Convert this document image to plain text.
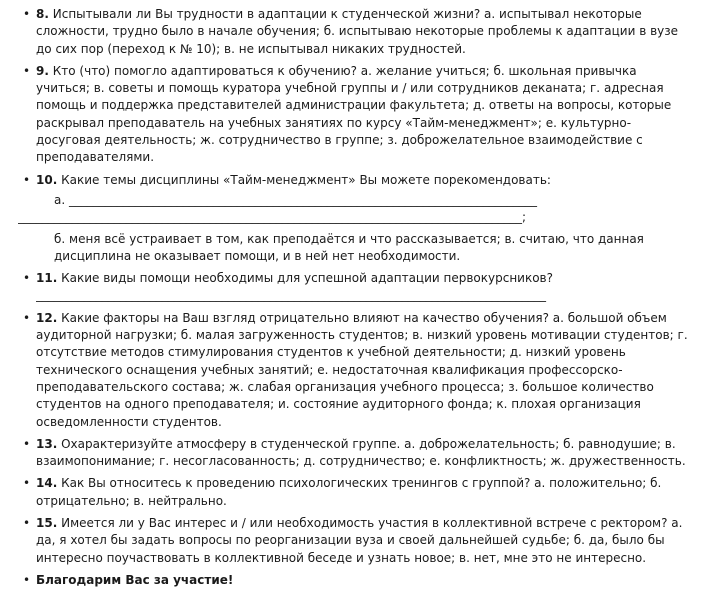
• 8. Испытывали ли Вы трудности в адаптации к студенческой жизни? а. испытывал некоторые сложности, трудно было в начале обучения; б. испытываю некоторые проблемы к адаптации в вузе до сих пор (переход к № 10); в. не испытывал никаких трудностей.
• 9. Кто (что) помогло адаптироваться к обучению? а. желание учиться; б. школьная привычка учиться; в. советы и помощь куратора учебной группы и / или сотрудников деканата; г. адресная помощь и поддержка представителей администрации факультета; д. ответы на вопросы, которые раскрывал преподаватель на учебных занятиях по курсу «Тайм-менеджмент»; е. культурно-досуговая деятельность; ж. сотрудничество в группе; з. доброжелательное взаимодействие с преподавателями.
• 10. Какие темы дисциплины «Тайм-менеджмент» Вы можете порекомендовать:
а. ______________________________________________________________________________
____________________________________________________________________________________;
б. меня всё устраивает в том, как преподаётся и что рассказывается; в. считаю, что данная дисциплина не оказывает помощи, и в ней нет необходимости.
• 11. Какие виды помощи необходимы для успешной адаптации первокурсников?
_____________________________________________________________________________________
• 12. Какие факторы на Ваш взгляд отрицательно влияют на качество обучения? а. большой объем аудиторной нагрузки; б. малая загруженность студентов; в. низкий уровень мотивации студентов; г. отсутствие методов стимулирования студентов к учебной деятельности; д. низкий уровень технического оснащения учебных занятий; е. недостаточная квалификация профессорско-преподавательского состава; ж. слабая организация учебного процесса; з. большое количество студентов на одного преподавателя; и. состояние аудиторного фонда; к. плохая организация осведомленности студентов.
• 13. Охарактеризуйте атмосферу в студенческой группе. а. доброжелательность; б. равнодушие; в. взаимопонимание; г. несогласованность; д. сотрудничество; е. конфликтность; ж. дружественность.
• 14. Как Вы относитесь к проведению психологических тренингов с группой? а. положительно; б. отрицательно; в. нейтрально.
• 15. Имеется ли у Вас интерес и / или необходимость участия в коллективной встрече с ректором? а. да, я хотел бы задать вопросы по реорганизации вуза и своей дальнейшей судьбе; б. да, было бы интересно поучаствовать в коллективной беседе и узнать новое; в. нет, мне это не интересно.
• Благодарим Вас за участие!
